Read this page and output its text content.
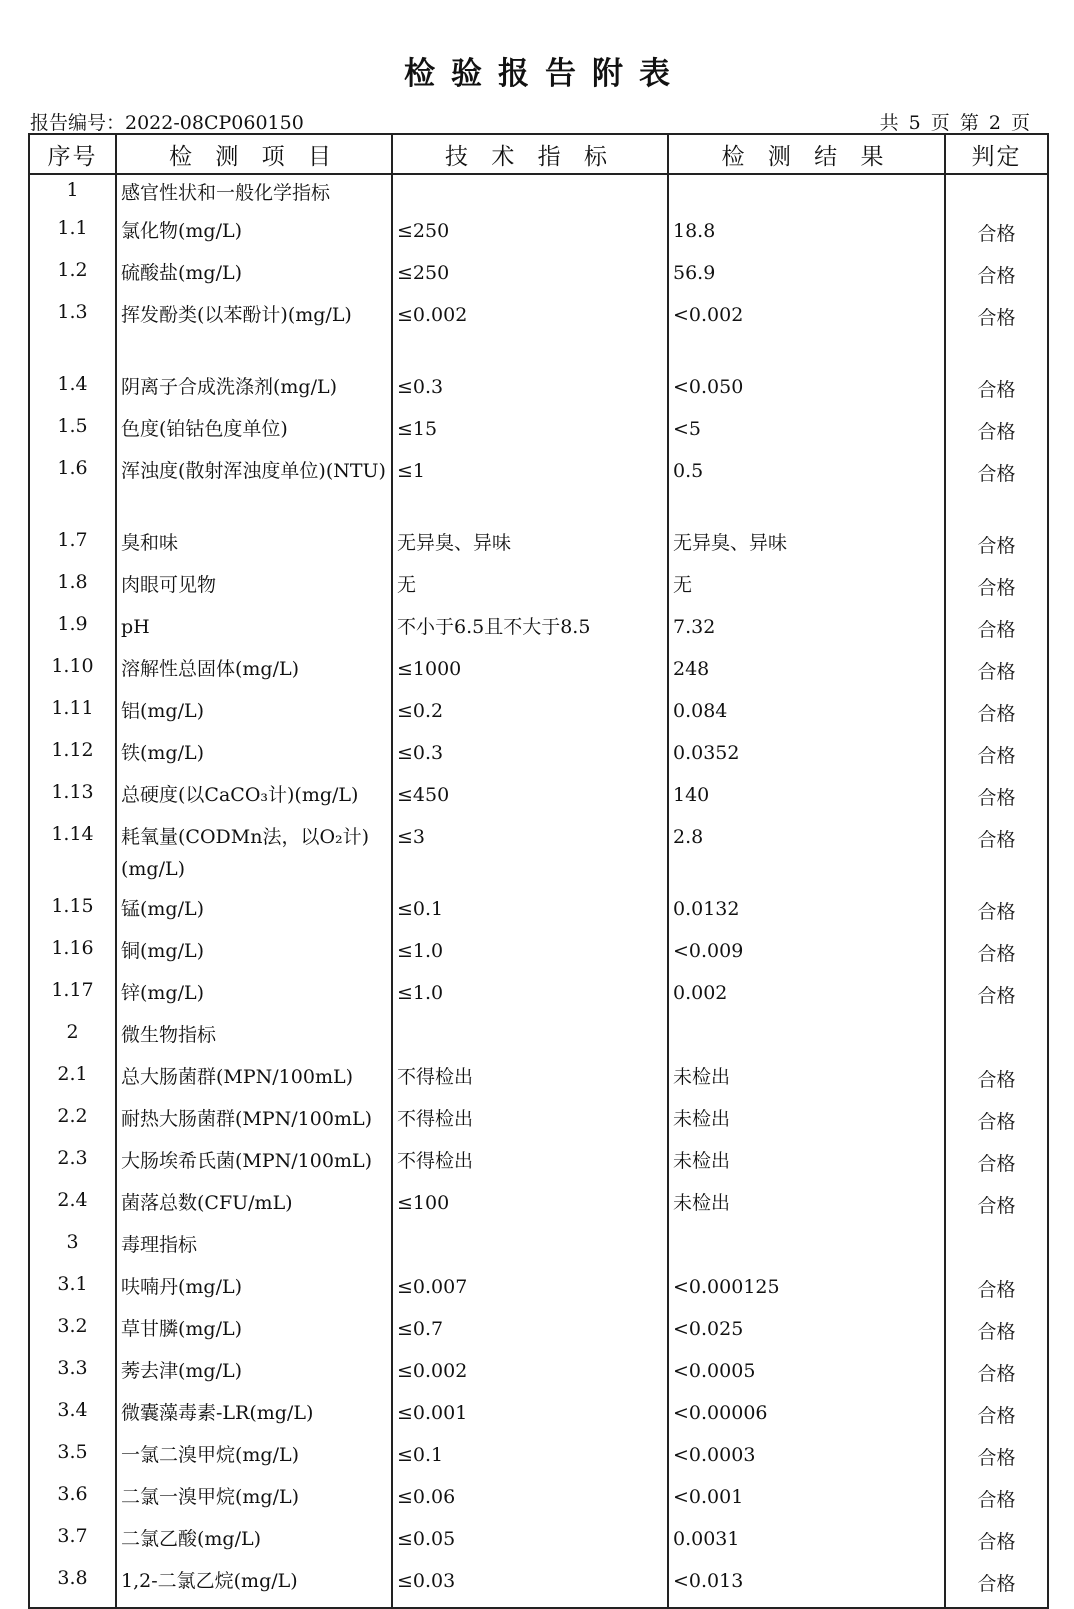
检验报告附表
报告编号：2022-08CP060150	共 5 页 第 2 页
序号	检 测 项 目	技 术 指 标	检 测 结 果	判定
1	感官性状和一般化学指标			
1.1	氯化物(mg/L)	≤250	18.8	合格
1.2	硫酸盐(mg/L)	≤250	56.9	合格
1.3	挥发酚类(以苯酚计)(mg/L)	≤0.002	<0.002	合格
1.4	阴离子合成洗涤剂(mg/L)	≤0.3	<0.050	合格
1.5	色度(铂钴色度单位)	≤15	<5	合格
1.6	浑浊度(散射浑浊度单位)(NTU)	≤1	0.5	合格
1.7	臭和味	无异臭、异味	无异臭、异味	合格
1.8	肉眼可见物	无	无	合格
1.9	pH	不小于6.5且不大于8.5	7.32	合格
1.10	溶解性总固体(mg/L)	≤1000	248	合格
1.11	铝(mg/L)	≤0.2	0.084	合格
1.12	铁(mg/L)	≤0.3	0.0352	合格
1.13	总硬度(以CaCO₃计)(mg/L)	≤450	140	合格
1.14	耗氧量(CODMn法，以O₂计)(mg/L)	≤3	2.8	合格
1.15	锰(mg/L)	≤0.1	0.0132	合格
1.16	铜(mg/L)	≤1.0	<0.009	合格
1.17	锌(mg/L)	≤1.0	0.002	合格
2	微生物指标			
2.1	总大肠菌群(MPN/100mL)	不得检出	未检出	合格
2.2	耐热大肠菌群(MPN/100mL)	不得检出	未检出	合格
2.3	大肠埃希氏菌(MPN/100mL)	不得检出	未检出	合格
2.4	菌落总数(CFU/mL)	≤100	未检出	合格
3	毒理指标			
3.1	呋喃丹(mg/L)	≤0.007	<0.000125	合格
3.2	草甘膦(mg/L)	≤0.7	<0.025	合格
3.3	莠去津(mg/L)	≤0.002	<0.0005	合格
3.4	微囊藻毒素-LR(mg/L)	≤0.001	<0.00006	合格
3.5	一氯二溴甲烷(mg/L)	≤0.1	<0.0003	合格
3.6	二氯一溴甲烷(mg/L)	≤0.06	<0.001	合格
3.7	二氯乙酸(mg/L)	≤0.05	0.0031	合格
3.8	1,2-二氯乙烷(mg/L)	≤0.03	<0.013	合格
